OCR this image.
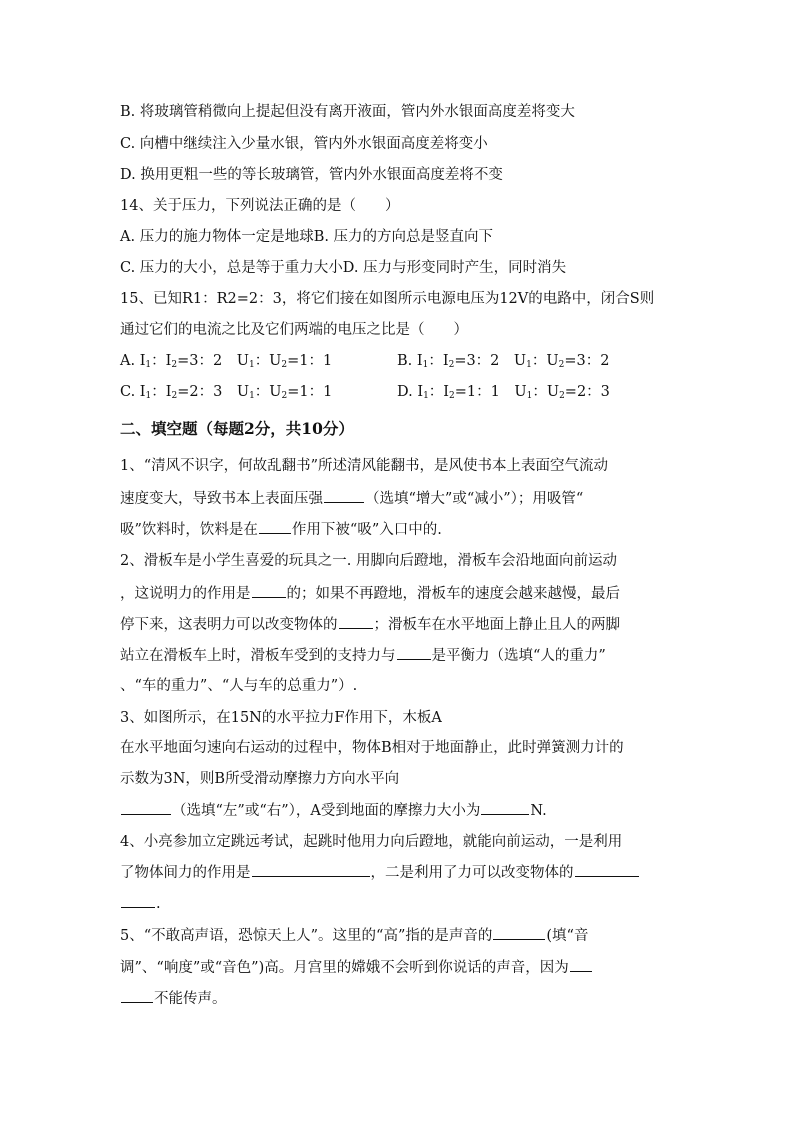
B. 将玻璃管稍微向上提起但没有离开液面，管内外水银面高度差将变大
C. 向槽中继续注入少量水银，管内外水银面高度差将变小
D. 换用更粗一些的等长玻璃管，管内外水银面高度差将不变
14、关于压力，下列说法正确的是（　　）
A. 压力的施力物体一定是地球B. 压力的方向总是竖直向下
C. 压力的大小，总是等于重力大小D. 压力与形变同时产生，同时消失
15、已知R1：R2=2：3，将它们接在如图所示电源电压为12V的电路中，闭合S则
通过它们的电流之比及它们两端的电压之比是（　　）
A. $I_1$：$I_2=3$：2　$U_1$：$U_2=1$：1	B. $I_1$：$I_2=3$：2　$U_1$：$U_2=3$：2
C. $I_1$：$I_2=2$：3　$U_1$：$U_2=1$：1	D. $I_1$：$I_2=1$：1　$U_1$：$U_2=2$：3
二、填空题（每题2分，共10分）
1、“清风不识字，何故乱翻书”所述清风能翻书，是风使书本上表面空气流动
速度变大，导致书本上表面压强	（选填“增大”或“减小”）；用吸管“
吸”饮料时，饮料是在 作用下被“吸”入口中的.
2、滑板车是小学生喜爱的玩具之一. 用脚向后蹬地，滑板车会沿地面向前运动
，这说明力的作用是 的；如果不再蹬地，滑板车的速度会越来越慢，最后
停下来，这表明力可以改变物体的 ；滑板车在水平地面上静止且人的两脚
站立在滑板车上时，滑板车受到的支持力与 是平衡力（选填“人的重力”
、“车的重力”、“人与车的总重力”）.
3、如图所示，在15N的水平拉力F作用下，木板A
在水平地面匀速向右运动的过程中，物体B相对于地面静止，此时弹簧测力计的
示数为3N，则B所受滑动摩擦力方向水平向
（选填“左”或“右”），A受到地面的摩擦力大小为	N.
4、小亮参加立定跳远考试，起跳时他用力向后蹬地，就能向前运动，一是利用
了物体间力的作用是	，二是利用了力可以改变物体的
.
5、“不敢高声语，恐惊天上人”。这里的“高”指的是声音的	(填“音
调”、“响度”或“音色”)高。月宫里的嫦娥不会听到你说话的声音，因为
不能传声。
